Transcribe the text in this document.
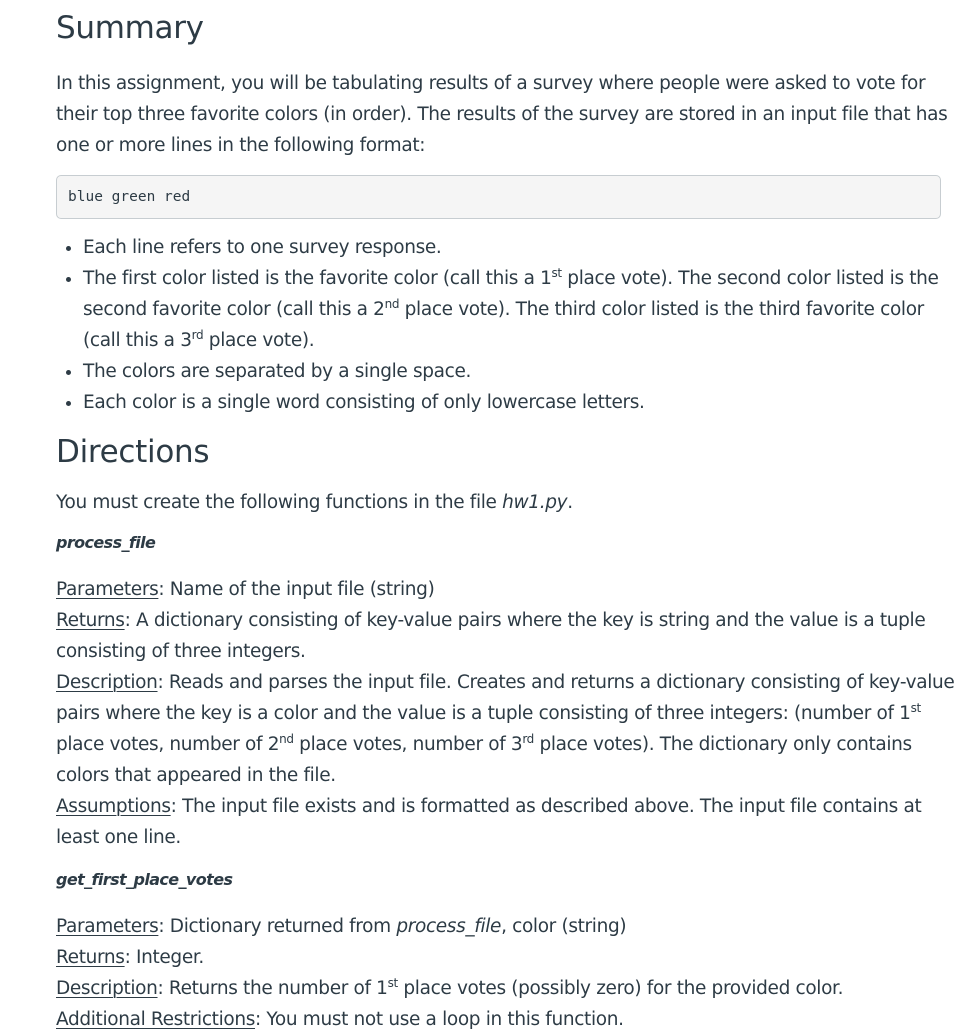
Summary

In this assignment, you will be tabulating results of a survey where people were asked to vote for their top three favorite colors (in order). The results of the survey are stored in an input file that has one or more lines in the following format:

blue green red
• Each line refers to one survey response.
• The first color listed is the favorite color (call this a 1st place vote). The second color listed is the second favorite color (call this a 2nd place vote). The third color listed is the third favorite color (call this a 3rd place vote).
• The colors are separated by a single space.
• Each color is a single word consisting of only lowercase letters.
Directions

You must create the following functions in the file hw1.py.

process_file

Parameters: Name of the input file (string)

Returns: A dictionary consisting of key-value pairs where the key is string and the value is a tuple consisting of three integers.

Description: Reads and parses the input file. Creates and returns a dictionary consisting of key-value pairs where the key is a color and the value is a tuple consisting of three integers: (number of 1st place votes, number of 2nd place votes, number of 3rd place votes). The dictionary only contains colors that appeared in the file.

Assumptions: The input file exists and is formatted as described above. The input file contains at least one line.

get_first_place_votes

Parameters: Dictionary returned from process_file, color (string)

Returns: Integer.

Description: Returns the number of 1st place votes (possibly zero) for the provided color.

Additional Restrictions: You must not use a loop in this function.
